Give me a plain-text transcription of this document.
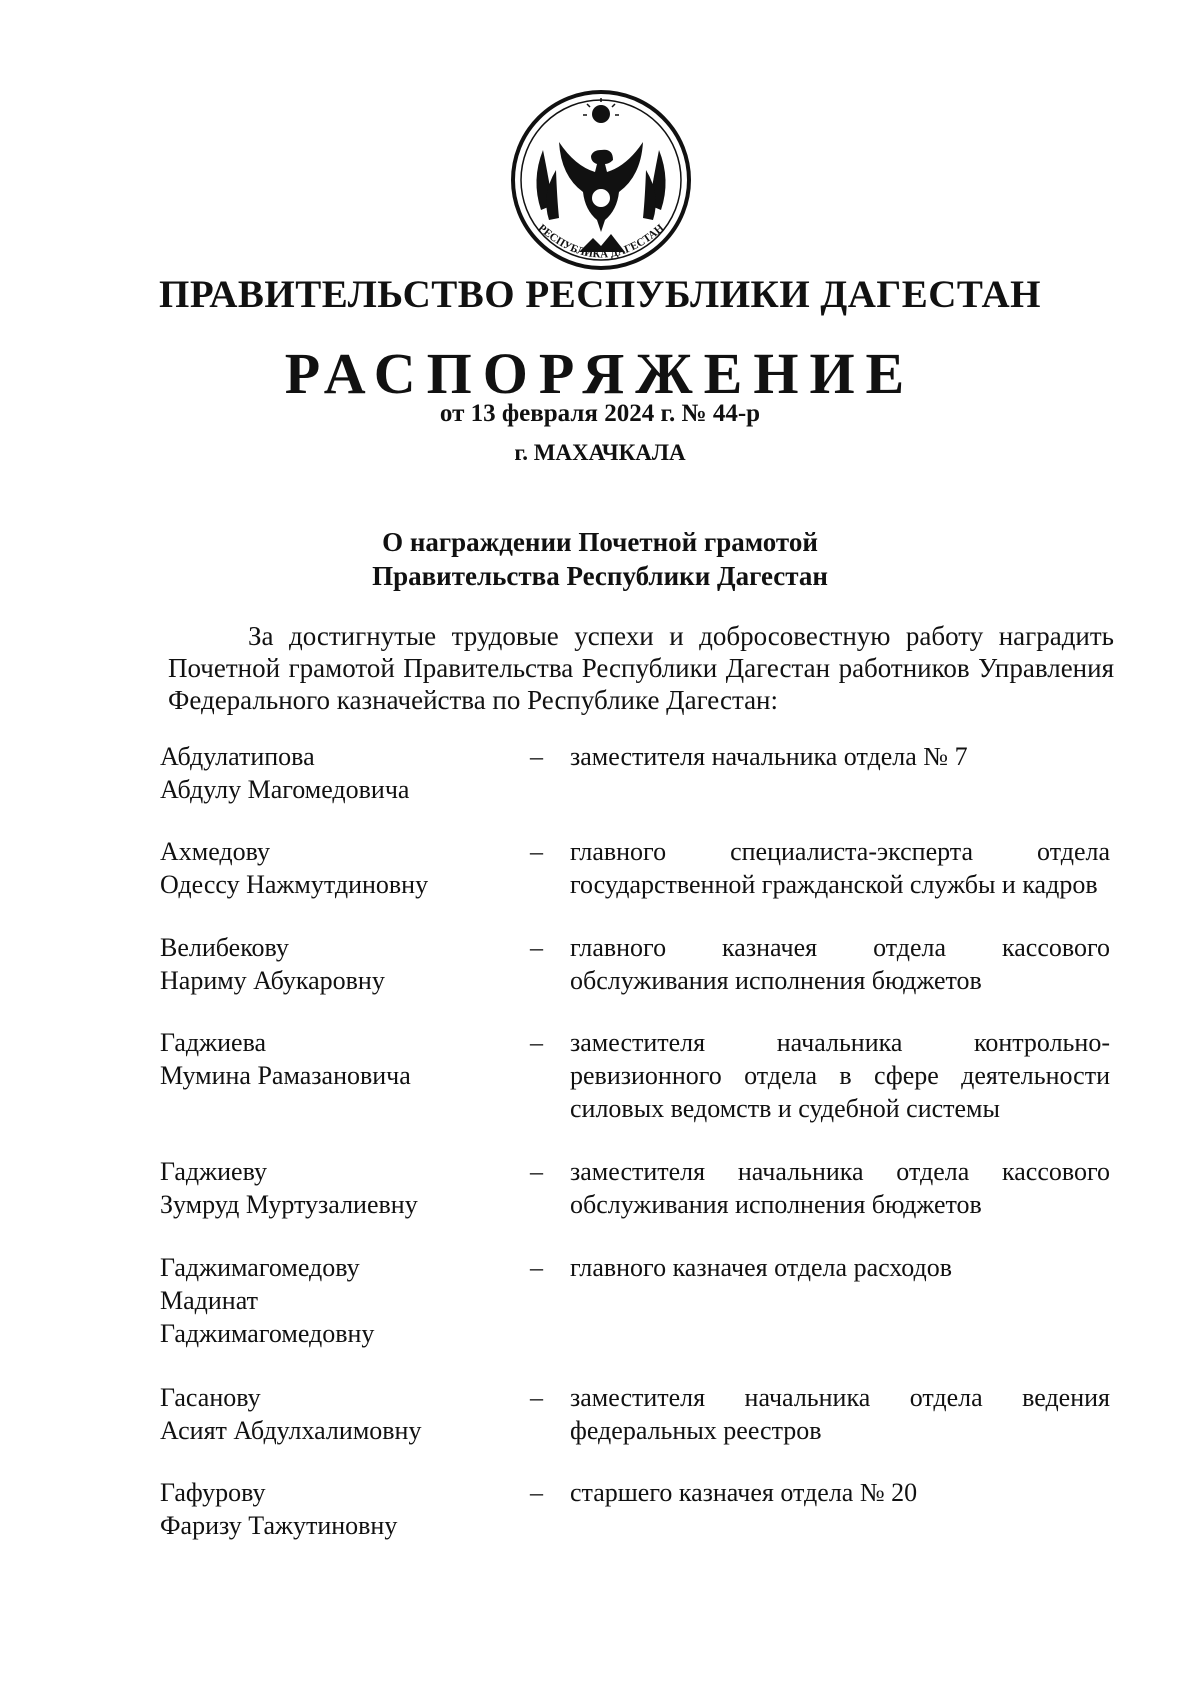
РЕСПУБЛИКА ДАГЕСТАН
ПРАВИТЕЛЬСТВО РЕСПУБЛИКИ ДАГЕСТАН
РАСПОРЯЖЕНИЕ
от 13 февраля 2024 г. № 44-р
г. МАХАЧКАЛА
О награждении Почетной грамотой
Правительства Республики Дагестан
За достигнутые трудовые успехи и добросовестную работу наградить Почетной грамотой Правительства Республики Дагестан работников Управления Федерального казначейства по Республике Дагестан:
Абдулатипова
Абдулу Магомедовича
– заместителя начальника отдела № 7
Ахмедову
Одессу Нажмутдиновну
– главного специалиста-эксперта отдела государственной гражданской службы и кадров
Велибекову
Нариму Абукаровну
– главного казначея отдела кассового обслуживания исполнения бюджетов
Гаджиева
Мумина Рамазановича
– заместителя начальника контрольно-ревизионного отдела в сфере деятельности силовых ведомств и судебной системы
Гаджиеву
Зумруд Муртузалиевну
– заместителя начальника отдела кассового обслуживания исполнения бюджетов
Гаджимагомедову
Мадинат
Гаджимагомедовну
– главного казначея отдела расходов
Гасанову
Асият Абдулхалимовну
– заместителя начальника отдела ведения федеральных реестров
Гафурову
Фаризу Тажутиновну
– старшего казначея отдела № 20
